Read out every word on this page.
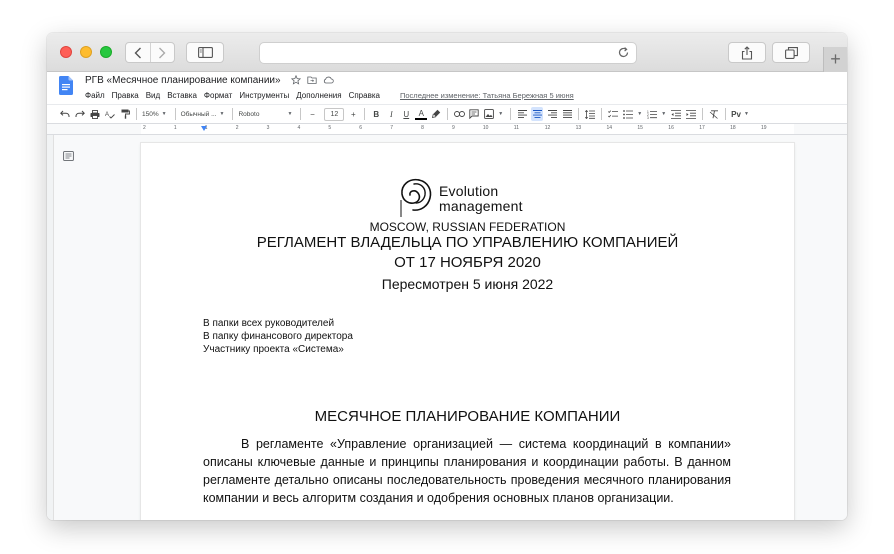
+
РГВ «Месячное планирование компании»
Файл Правка Вид Вставка Формат Инструменты Дополнения Справка	Последнее изменение: Татьяна Бережная 5 июня
A	150% ▼ Обычный ... ▼ Roboto	▼	−	12	+	B	I	U	A	▼	▼ 1
2
3
▼	Pv ▼
2	1	1	2	3	4	5	6	7	8	9	10	11	12	13	14	15	16	17	18	19
Evolution
management
MOSCOW, RUSSIAN FEDERATION
РЕГЛАМЕНТ ВЛАДЕЛЬЦА ПО УПРАВЛЕНИЮ КОМПАНИЕЙ
ОТ 17 НОЯБРЯ 2020
Пересмотрен 5 июня 2022
В папки всех руководителей
В папку финансового директора
Участнику проекта «Система»
МЕСЯЧНОЕ ПЛАНИРОВАНИЕ КОМПАНИИ
В регламенте «Управление организацией — система координаций в компании» описаны ключевые данные и принципы планирования и координации работы. В данном регламенте детально описаны последовательность проведения месячного планирования компании и весь алгоритм создания и одобрения основных планов организации.
